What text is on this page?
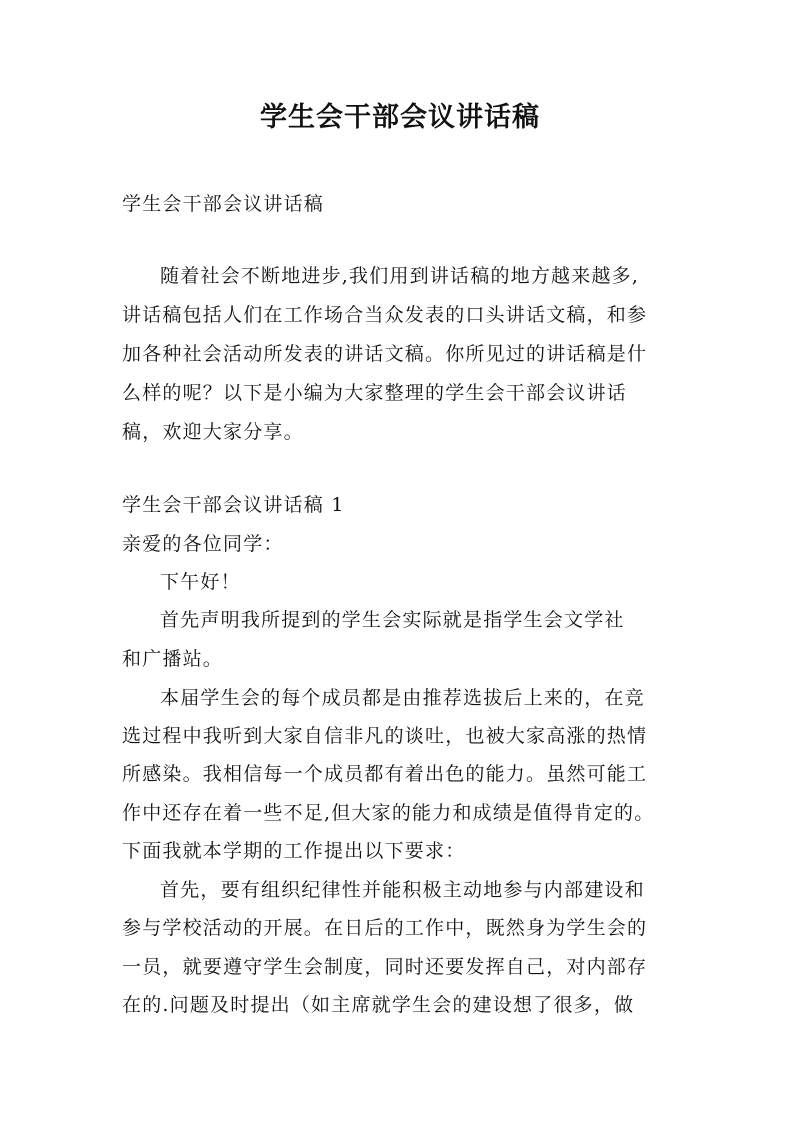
学生会干部会议讲话稿
学生会干部会议讲话稿
随着社会不断地进步,我们用到讲话稿的地方越来越多,
讲话稿包括人们在工作场合当众发表的口头讲话文稿，和参
加各种社会活动所发表的讲话文稿。你所见过的讲话稿是什
么样的呢？以下是小编为大家整理的学生会干部会议讲话
稿，欢迎大家分享。
学生会干部会议讲话稿 1
亲爱的各位同学：
下午好！
首先声明我所提到的学生会实际就是指学生会文学社
和广播站。
本届学生会的每个成员都是由推荐选拔后上来的，在竞
选过程中我听到大家自信非凡的谈吐，也被大家高涨的热情
所感染。我相信每一个成员都有着出色的能力。虽然可能工
作中还存在着一些不足,但大家的能力和成绩是值得肯定的。
下面我就本学期的工作提出以下要求：
首先，要有组织纪律性并能积极主动地参与内部建设和
参与学校活动的开展。在日后的工作中，既然身为学生会的
一员，就要遵守学生会制度，同时还要发挥自己，对内部存
在的.问题及时提出（如主席就学生会的建设想了很多，做
